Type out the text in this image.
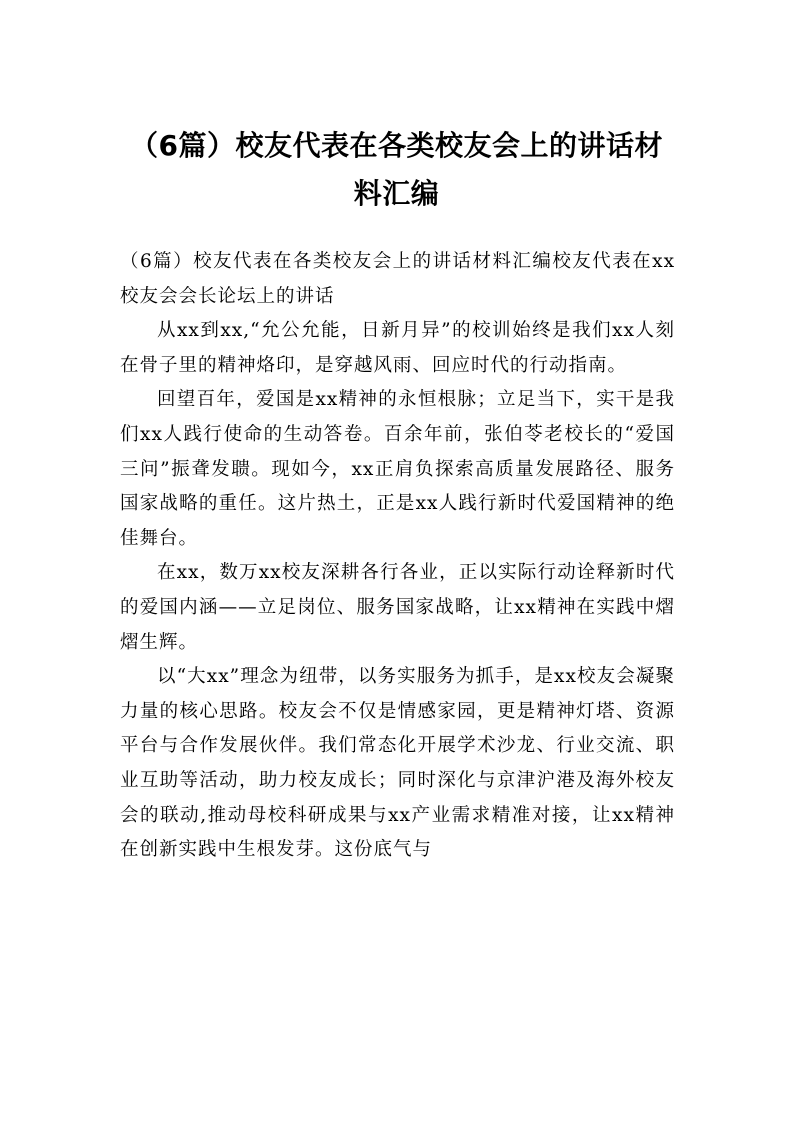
（6篇）校友代表在各类校友会上的讲话材
料汇编

（6篇）校友代表在各类校友会上的讲话材料汇编校友代表在xx校友会会长论坛上的讲话

从xx到xx,“允公允能，日新月异”的校训始终是我们xx人刻在骨子里的精神烙印，是穿越风雨、回应时代的行动指南。

回望百年，爱国是xx精神的永恒根脉；立足当下，实干是我们xx人践行使命的生动答卷。百余年前，张伯苓老校长的“爱国三问”振聋发聩。现如今，xx正肩负探索高质量发展路径、服务国家战略的重任。这片热土，正是xx人践行新时代爱国精神的绝佳舞台。

在xx，数万xx校友深耕各行各业，正以实际行动诠释新时代的爱国内涵——立足岗位、服务国家战略，让xx精神在实践中熠熠生辉。

以“大xx”理念为纽带，以务实服务为抓手，是xx校友会凝聚力量的核心思路。校友会不仅是情感家园，更是精神灯塔、资源平台与合作发展伙伴。我们常态化开展学术沙龙、行业交流、职业互助等活动，助力校友成长；同时深化与京津沪港及海外校友会的联动,推动母校科研成果与xx产业需求精准对接，让xx精神在创新实践中生根发芽。这份底气与
